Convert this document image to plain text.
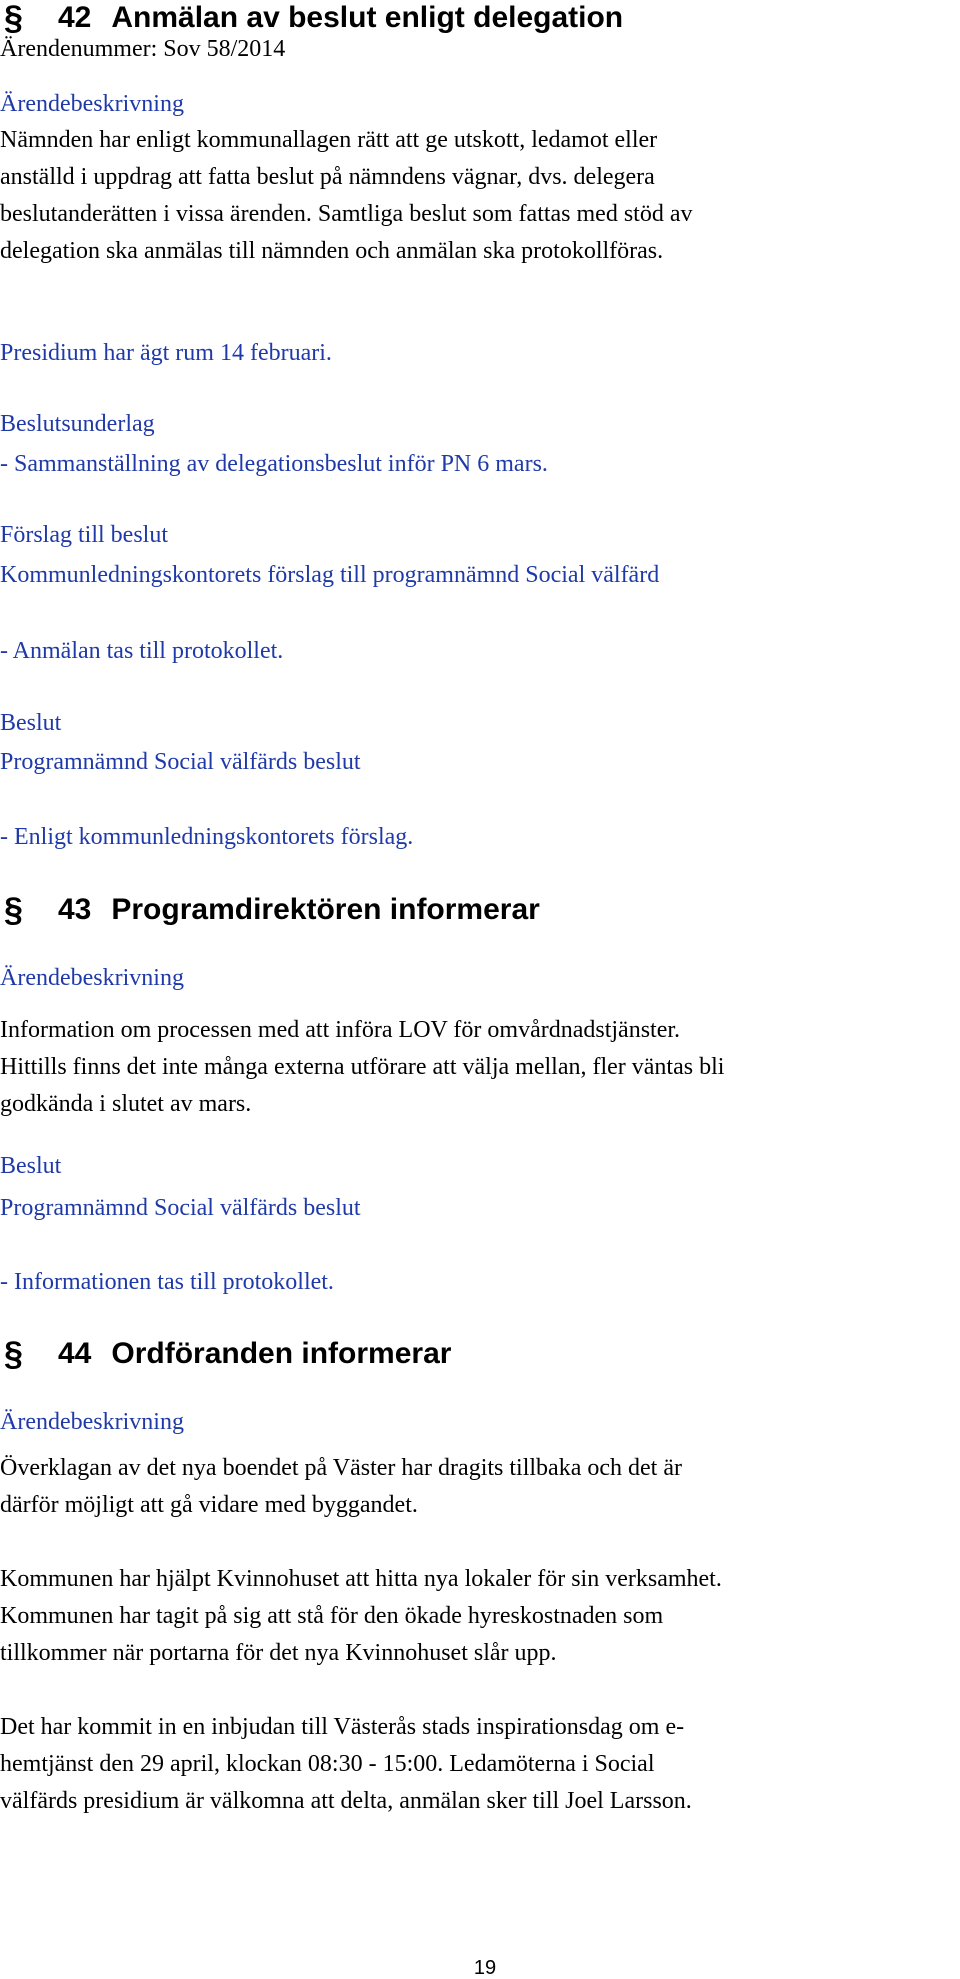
§	42 Anmälan av beslut enligt delegation
Ärendenummer: Sov 58/2014
Ärendebeskrivning
Nämnden har enligt kommunallagen rätt att ge utskott, ledamot eller
anställd i uppdrag att fatta beslut på nämndens vägnar, dvs. delegera
beslutanderätten i vissa ärenden. Samtliga beslut som fattas med stöd av
delegation ska anmälas till nämnden och anmälan ska protokollföras.
Presidium har ägt rum 14 februari.
Beslutsunderlag
- Sammanställning av delegationsbeslut inför PN 6 mars.
Förslag till beslut
Kommunledningskontorets förslag till programnämnd Social välfärd
- Anmälan tas till protokollet.
Beslut
Programnämnd Social välfärds beslut
- Enligt kommunledningskontorets förslag.
§	43 Programdirektören informerar
Ärendebeskrivning
Information om processen med att införa LOV för omvårdnadstjänster.
Hittills finns det inte många externa utförare att välja mellan, fler väntas bli
godkända i slutet av mars.
Beslut
Programnämnd Social välfärds beslut
- Informationen tas till protokollet.
§	44 Ordföranden informerar
Ärendebeskrivning
Överklagan av det nya boendet på Väster har dragits tillbaka och det är
därför möjligt att gå vidare med byggandet.
Kommunen har hjälpt Kvinnohuset att hitta nya lokaler för sin verksamhet.
Kommunen har tagit på sig att stå för den ökade hyreskostnaden som
tillkommer när portarna för det nya Kvinnohuset slår upp.
Det har kommit in en inbjudan till Västerås stads inspirationsdag om e-
hemtjänst den 29 april, klockan 08:30 - 15:00. Ledamöterna i Social
välfärds presidium är välkomna att delta, anmälan sker till Joel Larsson.
19
